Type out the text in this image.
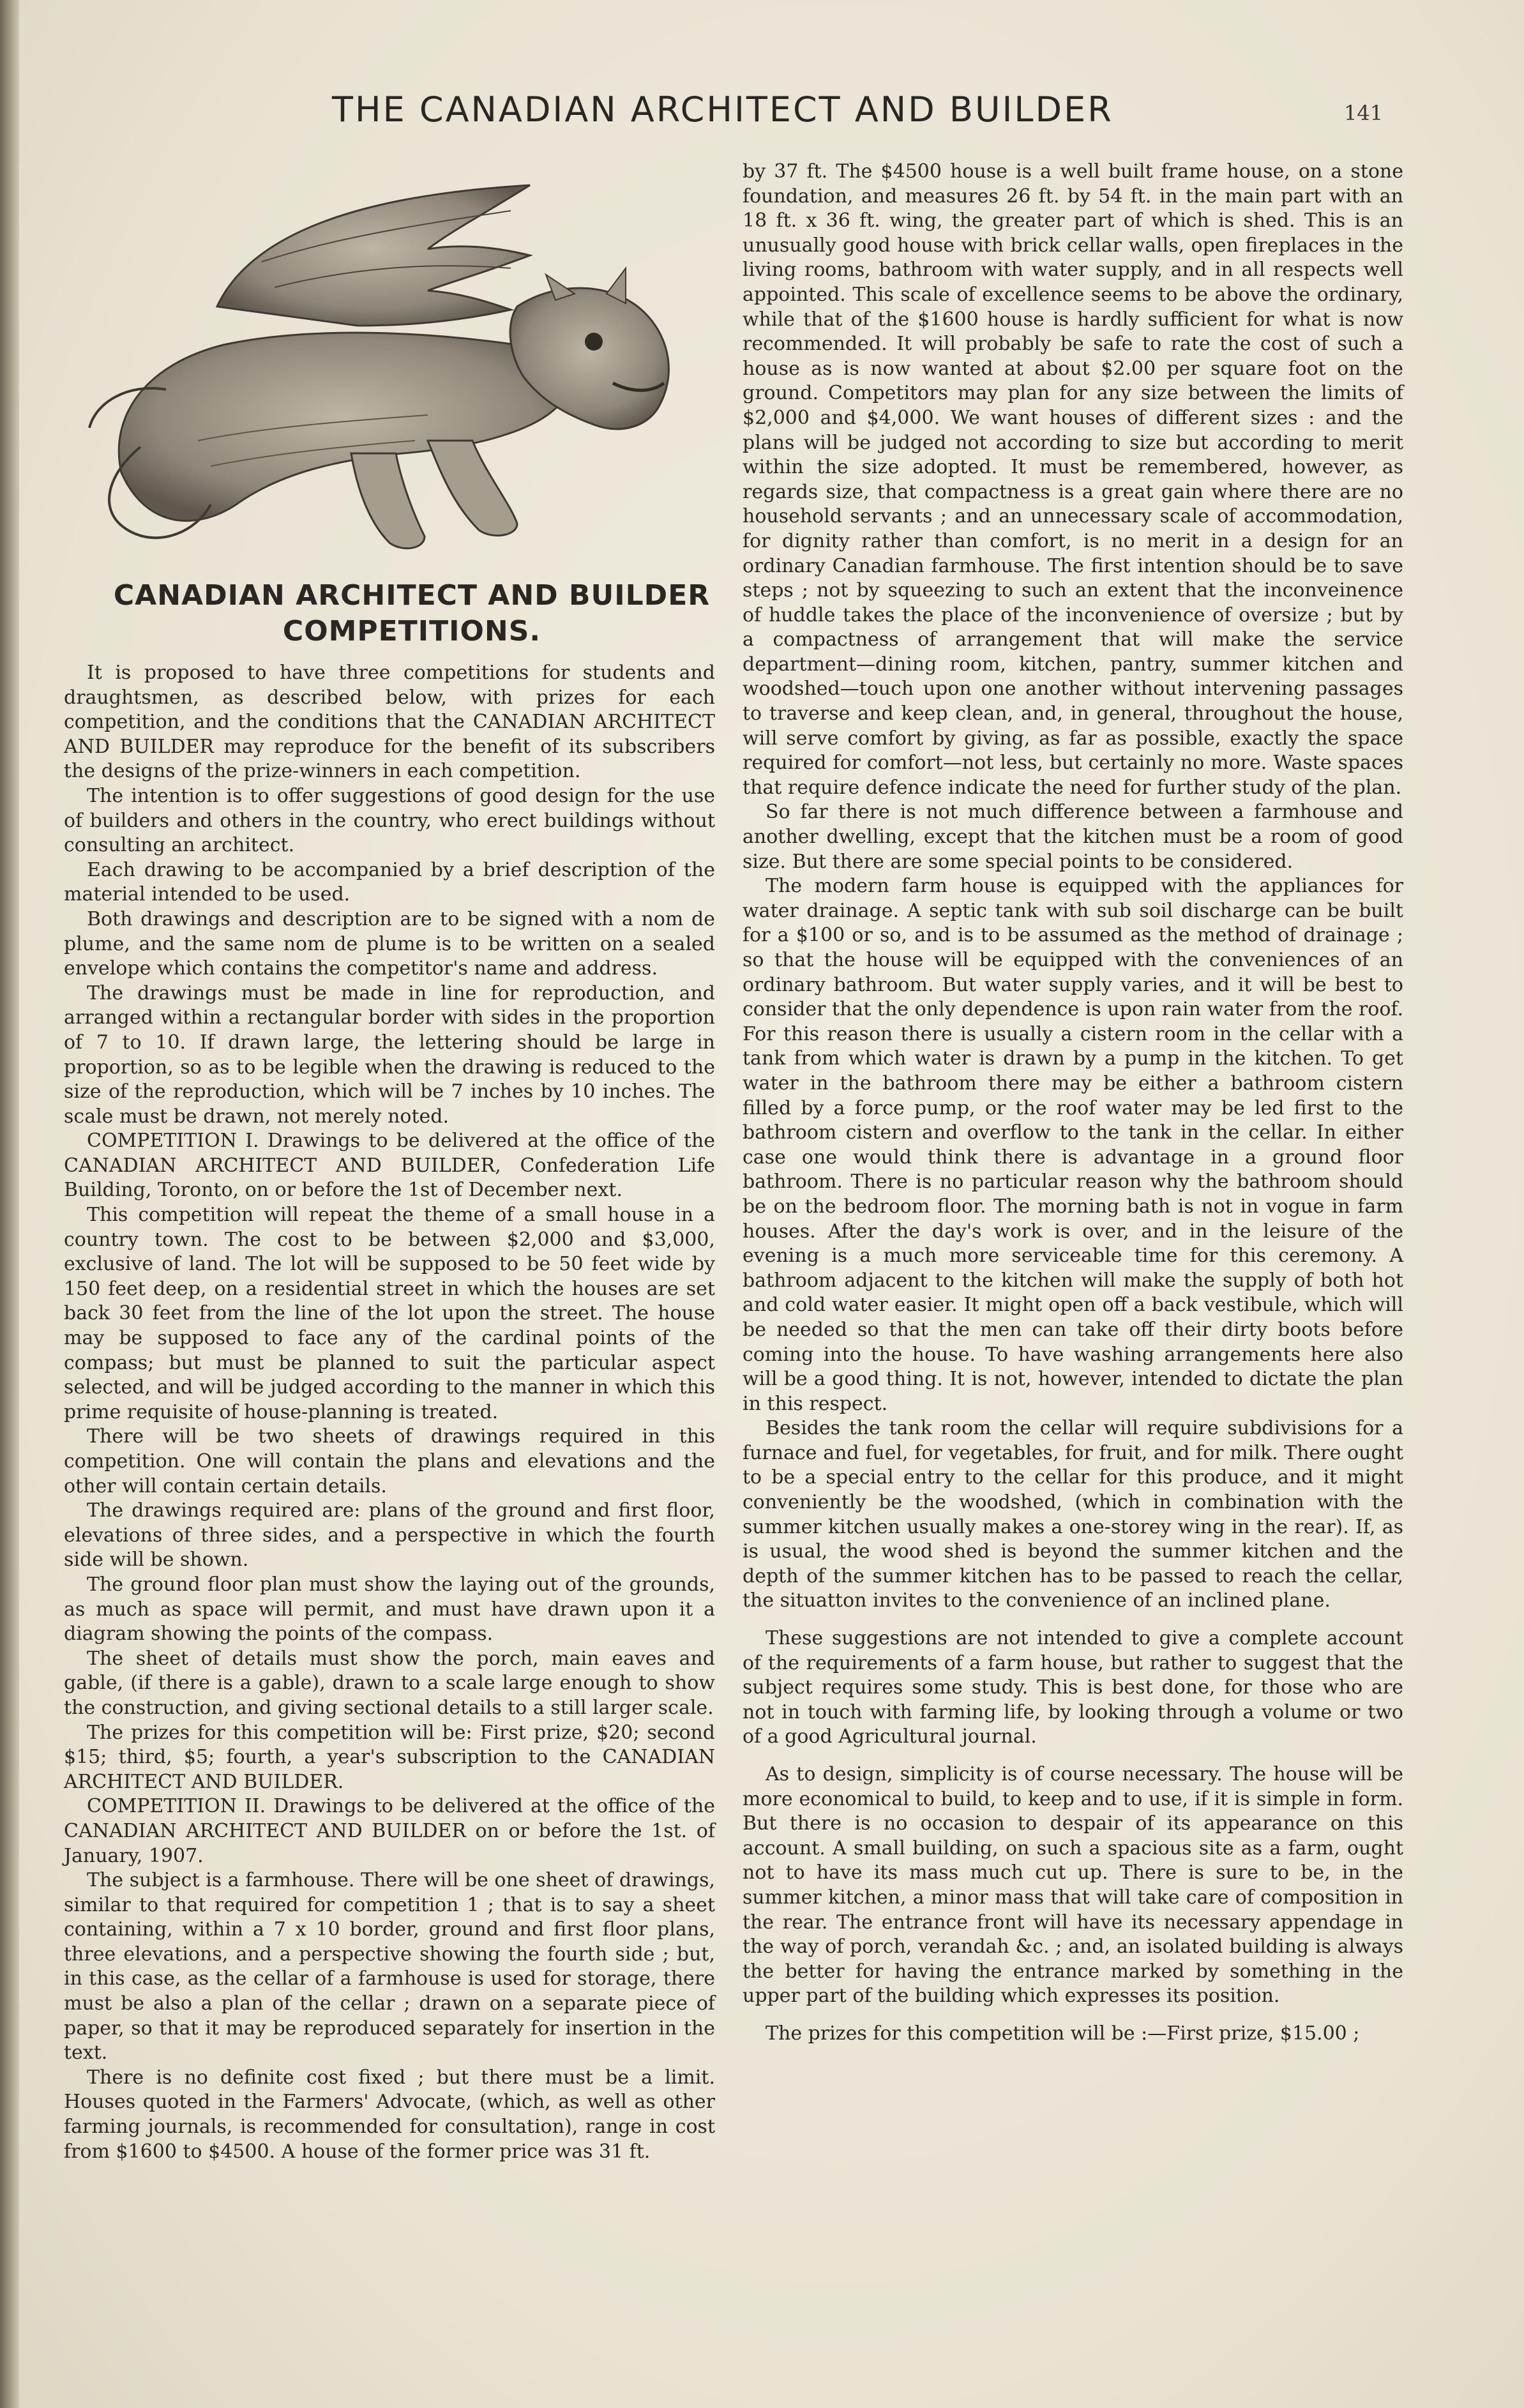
THE CANADIAN ARCHITECT AND BUILDER	141
CANADIAN ARCHITECT AND BUILDER
COMPETITIONS.

It is proposed to have three competitions for students and draughtsmen, as described below, with prizes for each competition, and the conditions that the CANADIAN ARCHITECT AND BUILDER may reproduce for the benefit of its subscribers the designs of the prize-winners in each competition.

The intention is to offer suggestions of good design for the use of builders and others in the country, who erect buildings without consulting an architect.

Each drawing to be accompanied by a brief description of the material intended to be used.

Both drawings and description are to be signed with a nom de plume, and the same nom de plume is to be written on a sealed envelope which contains the competitor's name and address.

The drawings must be made in line for reproduction, and arranged within a rectangular border with sides in the proportion of 7 to 10. If drawn large, the lettering should be large in proportion, so as to be legible when the drawing is reduced to the size of the reproduction, which will be 7 inches by 10 inches. The scale must be drawn, not merely noted.

COMPETITION I. Drawings to be delivered at the office of the CANADIAN ARCHITECT AND BUILDER, Confederation Life Building, Toronto, on or before the 1st of December next.

This competition will repeat the theme of a small house in a country town. The cost to be between $2,000 and $3,000, exclusive of land. The lot will be supposed to be 50 feet wide by 150 feet deep, on a residential street in which the houses are set back 30 feet from the line of the lot upon the street. The house may be supposed to face any of the cardinal points of the compass; but must be planned to suit the particular aspect selected, and will be judged according to the manner in which this prime requisite of house-planning is treated.

There will be two sheets of drawings required in this competition. One will contain the plans and elevations and the other will contain certain details.

The drawings required are: plans of the ground and first floor, elevations of three sides, and a perspective in which the fourth side will be shown.

The ground floor plan must show the laying out of the grounds, as much as space will permit, and must have drawn upon it a diagram showing the points of the compass.

The sheet of details must show the porch, main eaves and gable, (if there is a gable), drawn to a scale large enough to show the construction, and giving sectional details to a still larger scale.

The prizes for this competition will be: First prize, $20; second $15; third, $5; fourth, a year's subscription to the CANADIAN ARCHITECT AND BUILDER.

COMPETITION II. Drawings to be delivered at the office of the CANADIAN ARCHITECT AND BUILDER on or before the 1st. of January, 1907.

The subject is a farmhouse. There will be one sheet of drawings, similar to that required for competition 1 ; that is to say a sheet containing, within a 7 x 10 border, ground and first floor plans, three elevations, and a perspective showing the fourth side ; but, in this case, as the cellar of a farmhouse is used for storage, there must be also a plan of the cellar ; drawn on a separate piece of paper, so that it may be reproduced separately for insertion in the text.

There is no definite cost fixed ; but there must be a limit. Houses quoted in the Farmers' Advocate, (which, as well as other farming journals, is recommended for consultation), range in cost from $1600 to $4500. A house of the former price was 31 ft.

by 37 ft. The $4500 house is a well built frame house, on a stone foundation, and measures 26 ft. by 54 ft. in the main part with an 18 ft. x 36 ft. wing, the greater part of which is shed. This is an unusually good house with brick cellar walls, open fireplaces in the living rooms, bathroom with water supply, and in all respects well appointed. This scale of excellence seems to be above the ordinary, while that of the $1600 house is hardly sufficient for what is now recommended. It will probably be safe to rate the cost of such a house as is now wanted at about $2.00 per square foot on the ground. Competitors may plan for any size between the limits of $2,000 and $4,000. We want houses of different sizes : and the plans will be judged not according to size but according to merit within the size adopted. It must be remembered, however, as regards size, that compactness is a great gain where there are no household servants ; and an unnecessary scale of accommodation, for dignity rather than comfort, is no merit in a design for an ordinary Canadian farmhouse. The first intention should be to save steps ; not by squeezing to such an extent that the inconveinence of huddle takes the place of the inconvenience of oversize ; but by a compactness of arrangement that will make the service department—dining room, kitchen, pantry, summer kitchen and woodshed—touch upon one another without intervening passages to traverse and keep clean, and, in general, throughout the house, will serve comfort by giving, as far as possible, exactly the space required for comfort—not less, but certainly no more. Waste spaces that require defence indicate the need for further study of the plan.

So far there is not much difference between a farmhouse and another dwelling, except that the kitchen must be a room of good size. But there are some special points to be considered.

The modern farm house is equipped with the appliances for water drainage. A septic tank with sub soil discharge can be built for a $100 or so, and is to be assumed as the method of drainage ; so that the house will be equipped with the conveniences of an ordinary bathroom. But water supply varies, and it will be best to consider that the only dependence is upon rain water from the roof. For this reason there is usually a cistern room in the cellar with a tank from which water is drawn by a pump in the kitchen. To get water in the bathroom there may be either a bathroom cistern filled by a force pump, or the roof water may be led first to the bathroom cistern and overflow to the tank in the cellar. In either case one would think there is advantage in a ground floor bathroom. There is no particular reason why the bathroom should be on the bedroom floor. The morning bath is not in vogue in farm houses. After the day's work is over, and in the leisure of the evening is a much more serviceable time for this ceremony. A bathroom adjacent to the kitchen will make the supply of both hot and cold water easier. It might open off a back vestibule, which will be needed so that the men can take off their dirty boots before coming into the house. To have washing arrangements here also will be a good thing. It is not, however, intended to dictate the plan in this respect.

Besides the tank room the cellar will require subdivisions for a furnace and fuel, for vegetables, for fruit, and for milk. There ought to be a special entry to the cellar for this produce, and it might conveniently be the woodshed, (which in combination with the summer kitchen usually makes a one-storey wing in the rear). If, as is usual, the wood shed is beyond the summer kitchen and the depth of the summer kitchen has to be passed to reach the cellar, the situatton invites to the convenience of an inclined plane.

These suggestions are not intended to give a complete account of the requirements of a farm house, but rather to suggest that the subject requires some study. This is best done, for those who are not in touch with farming life, by looking through a volume or two of a good Agricultural journal.

As to design, simplicity is of course necessary. The house will be more economical to build, to keep and to use, if it is simple in form. But there is no occasion to despair of its appearance on this account. A small building, on such a spacious site as a farm, ought not to have its mass much cut up. There is sure to be, in the summer kitchen, a minor mass that will take care of composition in the rear. The entrance front will have its necessary appendage in the way of porch, verandah &c. ; and, an isolated building is always the better for having the entrance marked by something in the upper part of the building which expresses its position.

The prizes for this competition will be :—First prize, $15.00 ;
